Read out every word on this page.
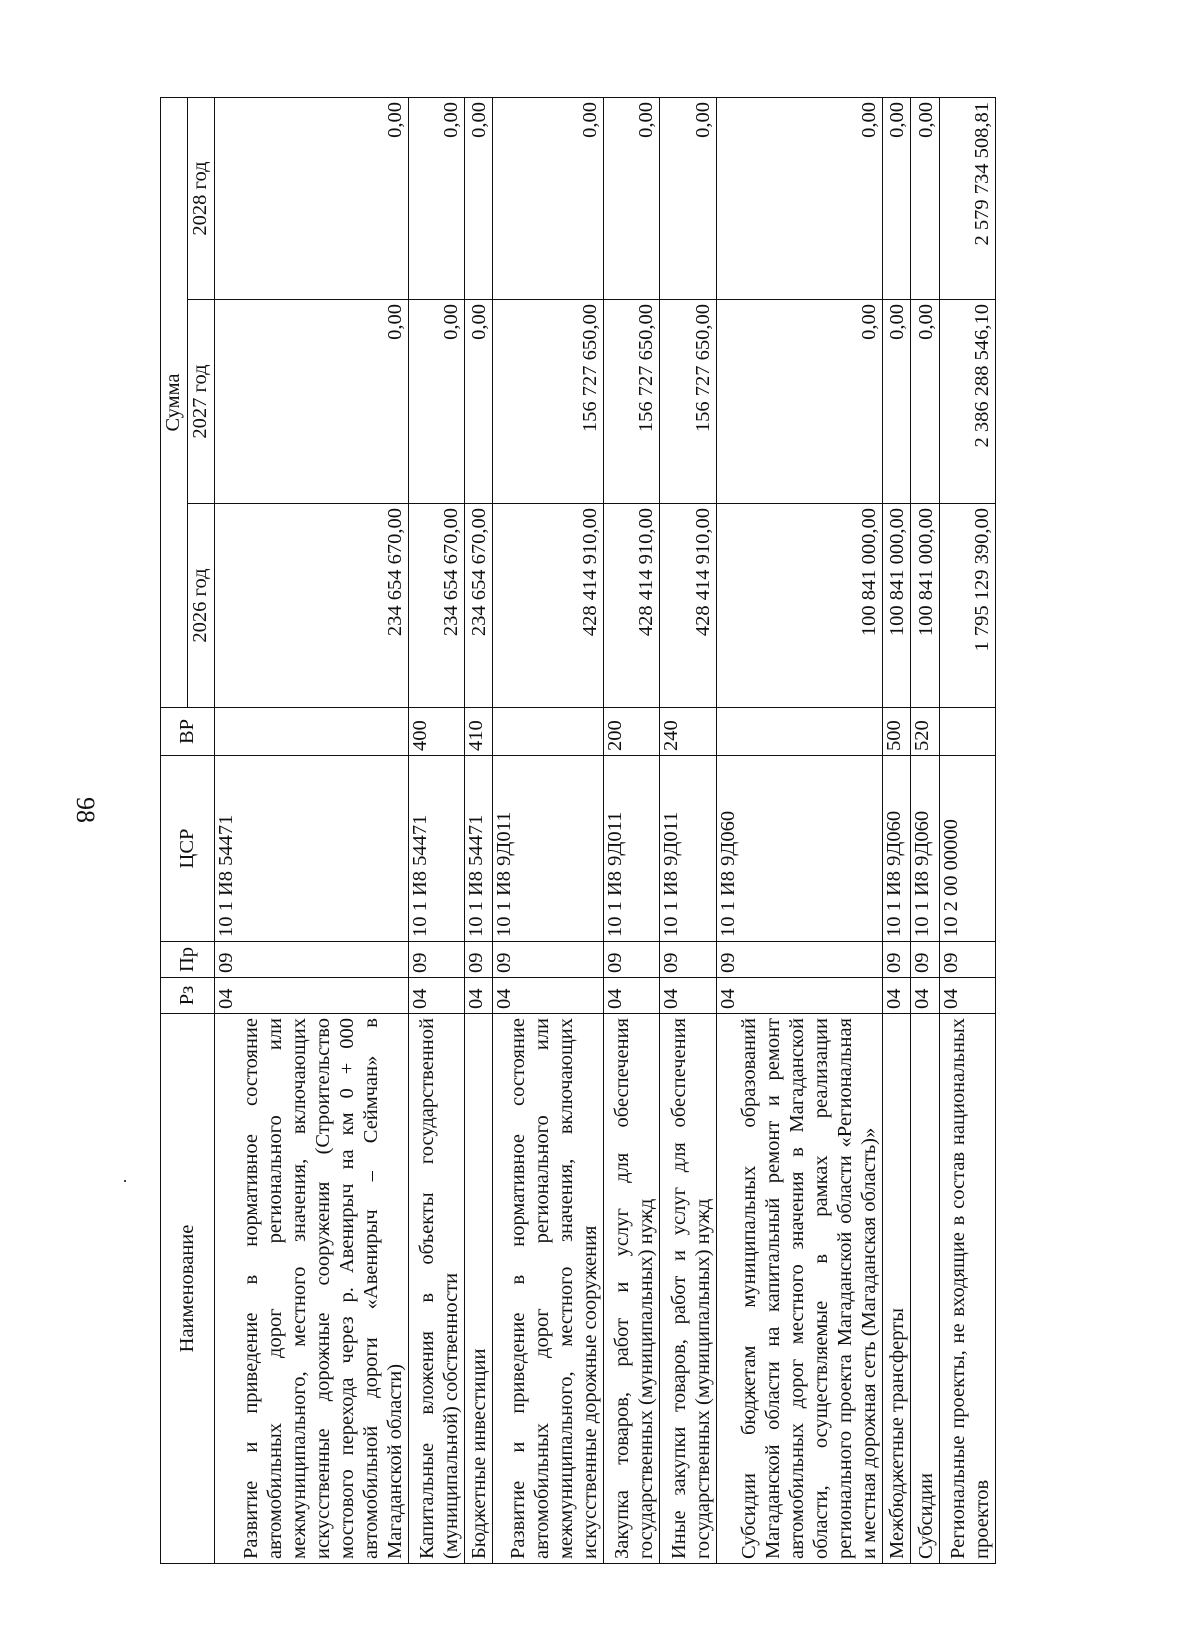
98
Наименование	Рз	Пр	ЦСР	ВР	Сумма		
					2026 год	2027 год	2028 год
Развитие и приведение в нормативное состояние автомобильных дорог регионального или межмуниципального, местного значения, включающих искусственные дорожные сооружения (Строительство мостового перехода через р. Авенирыч на км 0 + 000 автомобильной дороги «Авенирыч – Сеймчан» в Магаданской области)	04	09	10 1 И8 54471		234 654 670,00	0,00	0,00
Капитальные вложения в объекты государственной (муниципальной) собственности	04	09	10 1 И8 54471	400	234 654 670,00	0,00	0,00
Бюджетные инвестиции	04	09	10 1 И8 54471	410	234 654 670,00	0,00	0,00
Развитие и приведение в нормативное состояние автомобильных дорог регионального или межмуниципального, местного значения, включающих искусственные дорожные сооружения	04	09	10 1 И8 9Д011		428 414 910,00	156 727 650,00	0,00
Закупка товаров, работ и услуг для обеспечения государственных (муниципальных) нужд	04	09	10 1 И8 9Д011	200	428 414 910,00	156 727 650,00	0,00
Иные закупки товаров, работ и услуг для обеспечения государственных (муниципальных) нужд	04	09	10 1 И8 9Д011	240	428 414 910,00	156 727 650,00	0,00
Субсидии бюджетам муниципальных образований Магаданской области на капитальный ремонт и ремонт автомобильных дорог местного значения в Магаданской области, осуществляемые в рамках реализации регионального проекта Магаданской области «Региональная и местная дорожная сеть (Магаданская область)»	04	09	10 1 И8 9Д060		100 841 000,00	0,00	0,00
Межбюджетные трансферты	04	09	10 1 И8 9Д060	500	100 841 000,00	0,00	0,00
Субсидии	04	09	10 1 И8 9Д060	520	100 841 000,00	0,00	0,00
Региональные проекты, не входящие в состав национальных проектов	04	09	10 2 00 00000		1 795 129 390,00	2 386 288 546,10	2 579 734 508,81
